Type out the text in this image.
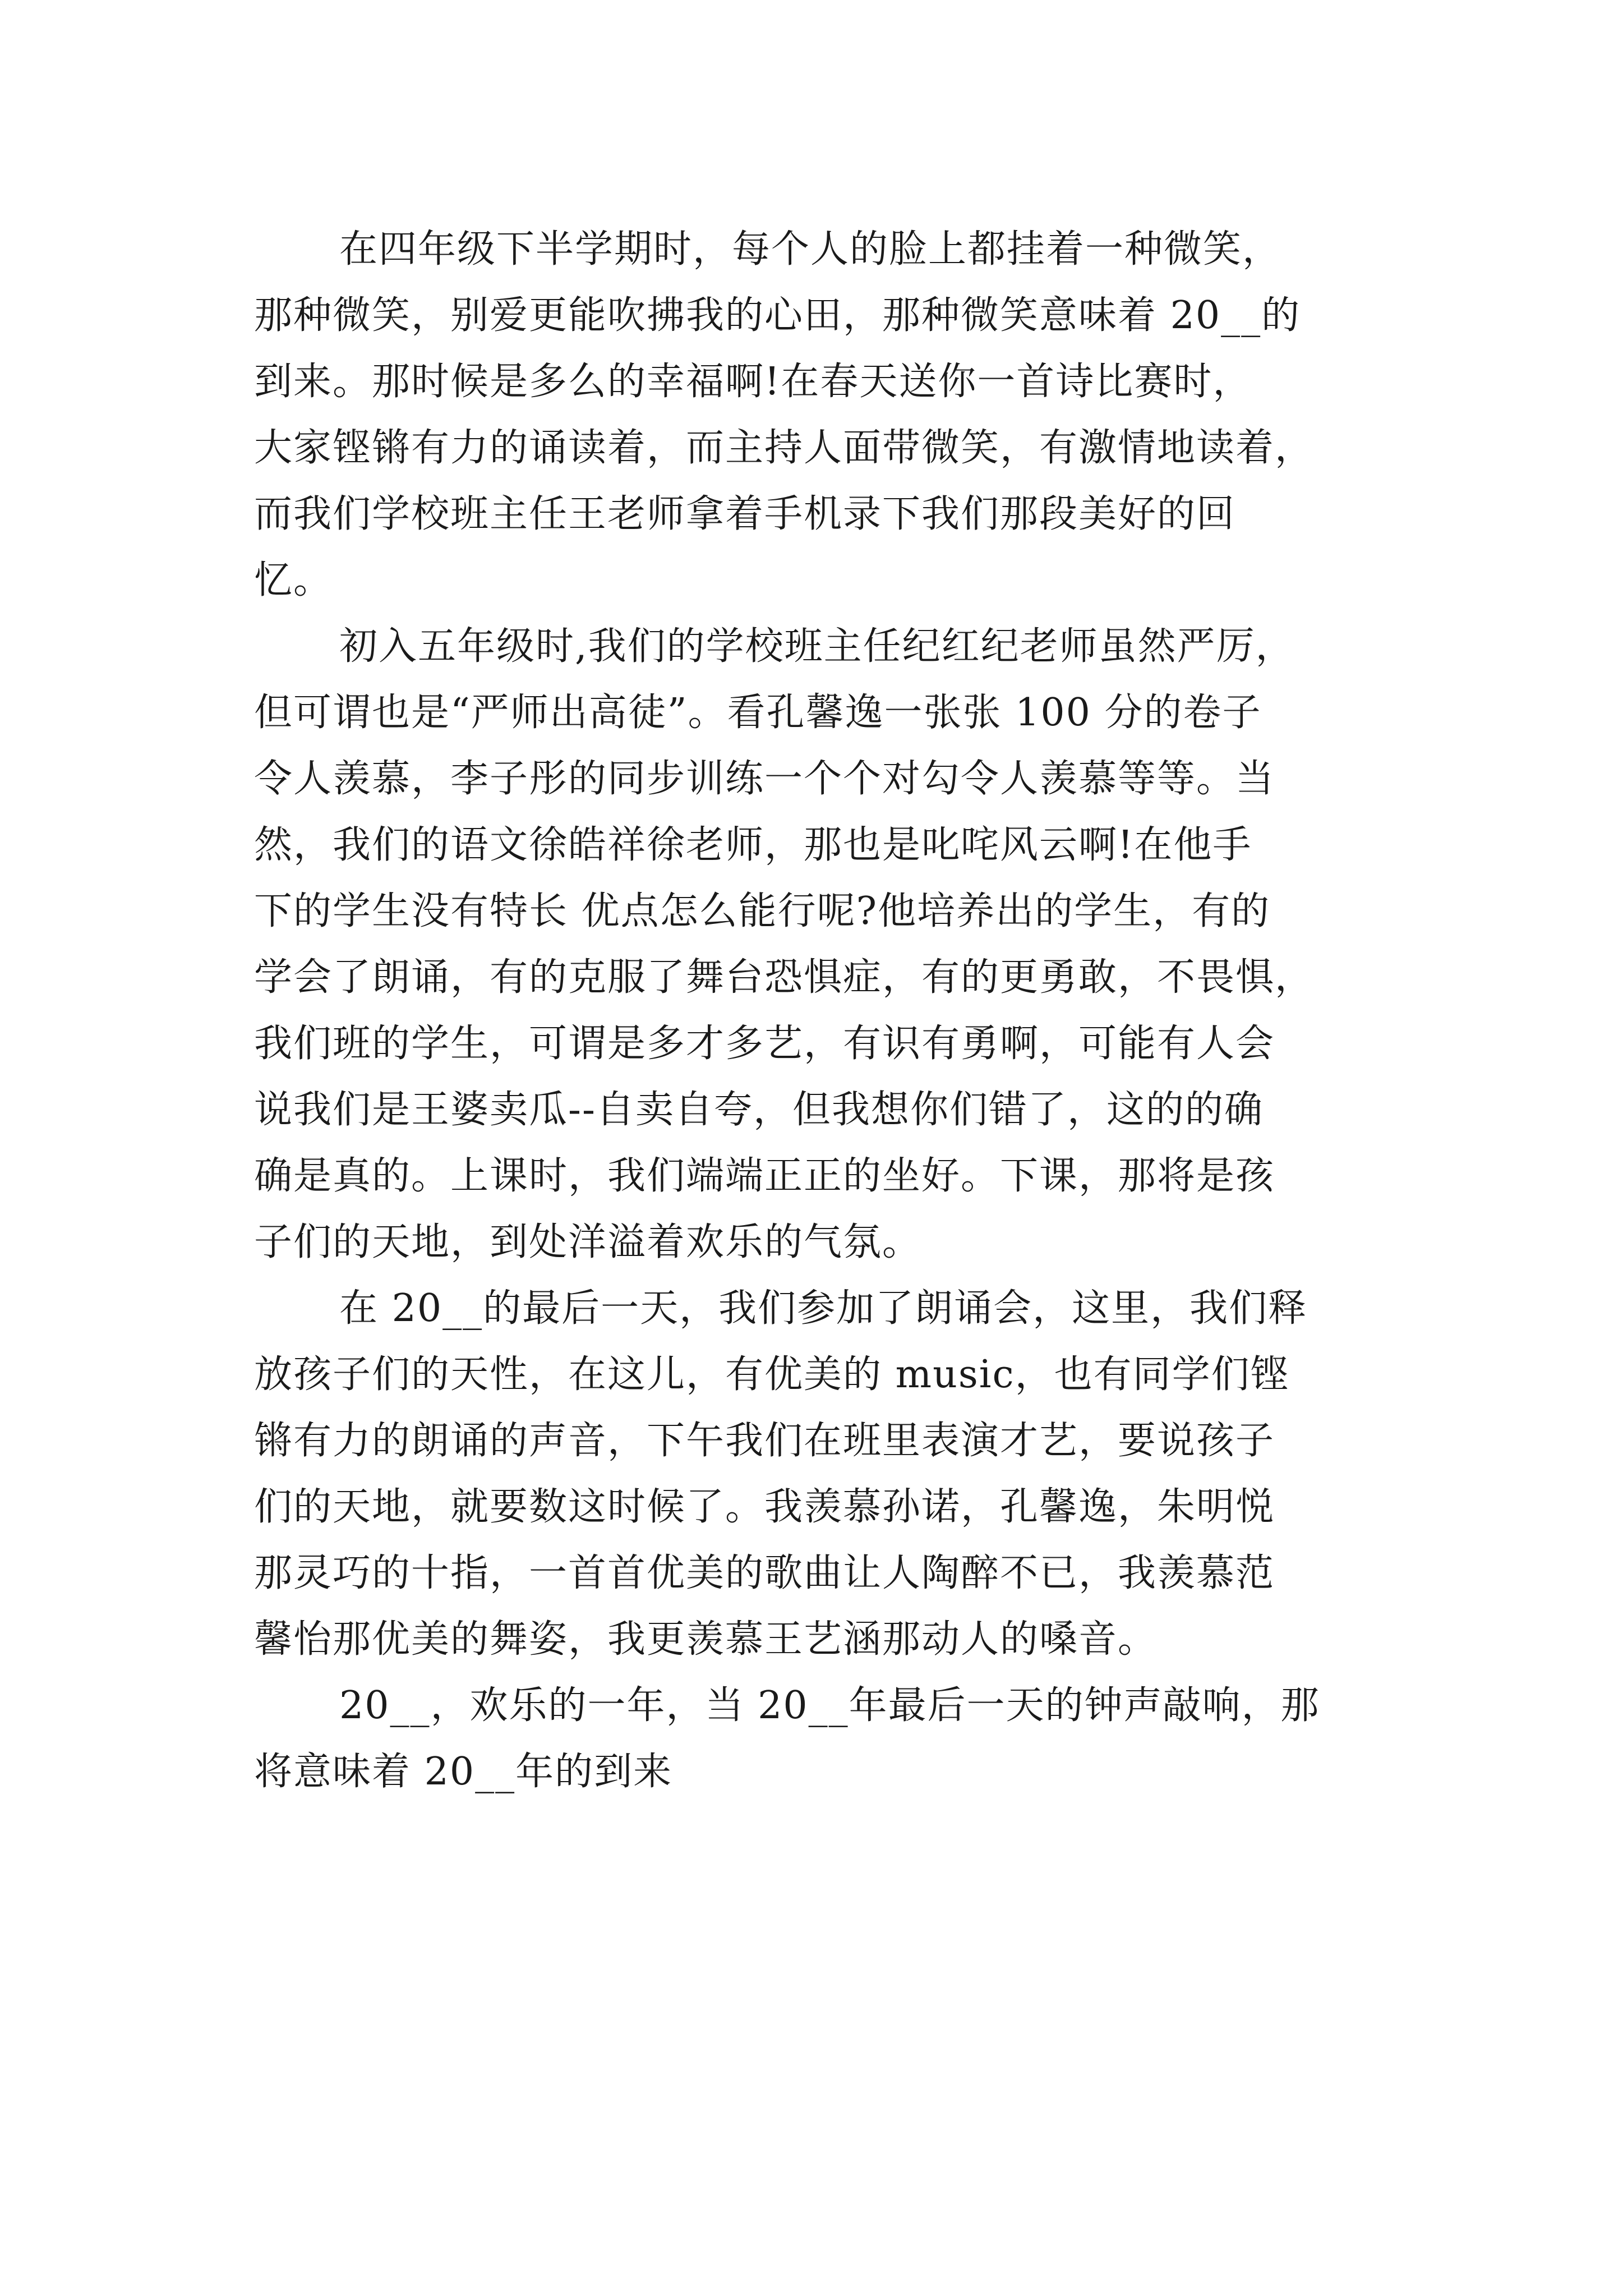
在四年级下半学期时，每个人的脸上都挂着一种微笑，
那种微笑，别爱更能吹拂我的心田，那种微笑意味着 20__的
到来。那时候是多么的幸福啊!在春天送你一首诗比赛时，
大家铿锵有力的诵读着，而主持人面带微笑，有激情地读着，
而我们学校班主任王老师拿着手机录下我们那段美好的回
忆。
初入五年级时,我们的学校班主任纪红纪老师虽然严厉，
但可谓也是“严师出高徒”。看孔馨逸一张张 100 分的卷子
令人羡慕，李子彤的同步训练一个个对勾令人羡慕等等。当
然，我们的语文徐皓祥徐老师，那也是叱咤风云啊!在他手
下的学生没有特长 优点怎么能行呢?他培养出的学生，有的
学会了朗诵，有的克服了舞台恐惧症，有的更勇敢，不畏惧，
我们班的学生，可谓是多才多艺，有识有勇啊，可能有人会
说我们是王婆卖瓜--自卖自夸，但我想你们错了，这的的确
确是真的。上课时，我们端端正正的坐好。下课，那将是孩
子们的天地，到处洋溢着欢乐的气氛。
在 20__的最后一天，我们参加了朗诵会，这里，我们释
放孩子们的天性，在这儿，有优美的 music，也有同学们铿
锵有力的朗诵的声音，下午我们在班里表演才艺，要说孩子
们的天地，就要数这时候了。我羡慕孙诺，孔馨逸，朱明悦
那灵巧的十指，一首首优美的歌曲让人陶醉不已，我羡慕范
馨怡那优美的舞姿，我更羡慕王艺涵那动人的嗓音。
20__，欢乐的一年，当 20__年最后一天的钟声敲响，那
将意味着 20__年的到来
